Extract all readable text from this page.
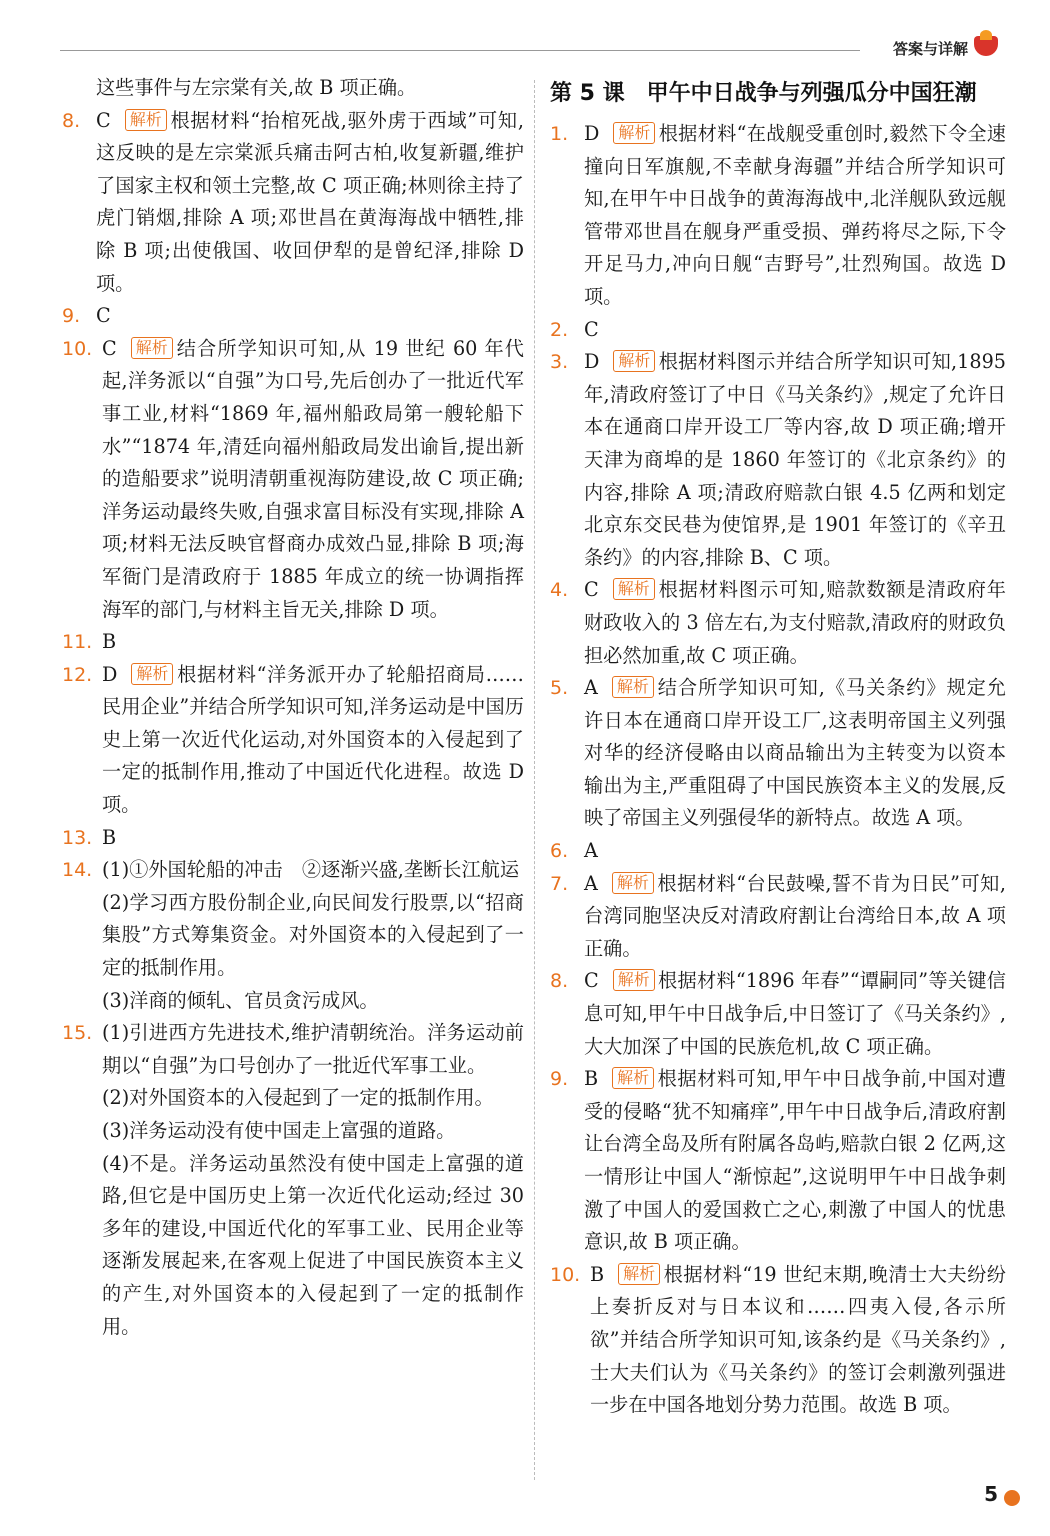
答案与详解

这些事件与左宗棠有关,故 B 项正确。

8. C 解析 根据材料“抬棺死战,驱外虏于西域”可知,这反映的是左宗棠派兵痛击阿古柏,收复新疆,维护了国家主权和领土完整,故 C 项正确;林则徐主持了虎门销烟,排除 A 项;邓世昌在黄海海战中牺牲,排除 B 项;出使俄国、收回伊犁的是曾纪泽,排除 D 项。
9. C
10. C 解析 结合所学知识可知,从 19 世纪 60 年代起,洋务派以“自强”为口号,先后创办了一批近代军事工业,材料“1869 年,福州船政局第一艘轮船下水”“1874 年,清廷向福州船政局发出谕旨,提出新的造船要求”说明清朝重视海防建设,故 C 项正确;洋务运动最终失败,自强求富目标没有实现,排除 A 项;材料无法反映官督商办成效凸显,排除 B 项;海军衙门是清政府于 1885 年成立的统一协调指挥海军的部门,与材料主旨无关,排除 D 项。
11. B
12. D 解析 根据材料“洋务派开办了轮船招商局……民用企业”并结合所学知识可知,洋务运动是中国历史上第一次近代化运动,对外国资本的入侵起到了一定的抵制作用,推动了中国近代化进程。故选 D 项。
13. B
14. (1)①外国轮船的冲击　②逐渐兴盛,垄断长江航运
(2)学习西方股份制企业,向民间发行股票,以“招商集股”方式筹集资金。对外国资本的入侵起到了一定的抵制作用。
(3)洋商的倾轧、官员贪污成风。
15. (1)引进西方先进技术,维护清朝统治。洋务运动前期以“自强”为口号创办了一批近代军事工业。
(2)对外国资本的入侵起到了一定的抵制作用。
(3)洋务运动没有使中国走上富强的道路。
(4)不是。洋务运动虽然没有使中国走上富强的道路,但它是中国历史上第一次近代化运动;经过 30 多年的建设,中国近代化的军事工业、民用企业等逐渐发展起来,在客观上促进了中国民族资本主义的产生,对外国资本的入侵起到了一定的抵制作用。
第 5 课 甲午中日战争与列强瓜分中国狂潮
1. D 解析 根据材料“在战舰受重创时,毅然下令全速撞向日军旗舰,不幸献身海疆”并结合所学知识可知,在甲午中日战争的黄海海战中,北洋舰队致远舰管带邓世昌在舰身严重受损、弹药将尽之际,下令开足马力,冲向日舰“吉野号”,壮烈殉国。故选 D 项。
2. C
3. D 解析 根据材料图示并结合所学知识可知,1895 年,清政府签订了中日《马关条约》,规定了允许日本在通商口岸开设工厂等内容,故 D 项正确;增开天津为商埠的是 1860 年签订的《北京条约》的内容,排除 A 项;清政府赔款白银 4.5 亿两和划定北京东交民巷为使馆界,是 1901 年签订的《辛丑条约》的内容,排除 B、C 项。
4. C 解析 根据材料图示可知,赔款数额是清政府年财政收入的 3 倍左右,为支付赔款,清政府的财政负担必然加重,故 C 项正确。
5. A 解析 结合所学知识可知,《马关条约》规定允许日本在通商口岸开设工厂,这表明帝国主义列强对华的经济侵略由以商品输出为主转变为以资本输出为主,严重阻碍了中国民族资本主义的发展,反映了帝国主义列强侵华的新特点。故选 A 项。
6. A
7. A 解析 根据材料“台民鼓噪,誓不肯为日民”可知,台湾同胞坚决反对清政府割让台湾给日本,故 A 项正确。
8. C 解析 根据材料“1896 年春”“谭嗣同”等关键信息可知,甲午中日战争后,中日签订了《马关条约》,大大加深了中国的民族危机,故 C 项正确。
9. B 解析 根据材料可知,甲午中日战争前,中国对遭受的侵略“犹不知痛痒”,甲午中日战争后,清政府割让台湾全岛及所有附属各岛屿,赔款白银 2 亿两,这一情形让中国人“渐惊起”,这说明甲午中日战争刺激了中国人的爱国救亡之心,刺激了中国人的忧患意识,故 B 项正确。
10. B 解析 根据材料“19 世纪末期,晚清士大夫纷纷上奏折反对与日本议和……四夷入侵,各示所欲”并结合所学知识可知,该条约是《马关条约》,士大夫们认为《马关条约》的签订会刺激列强进一步在中国各地划分势力范围。故选 B 项。
5
